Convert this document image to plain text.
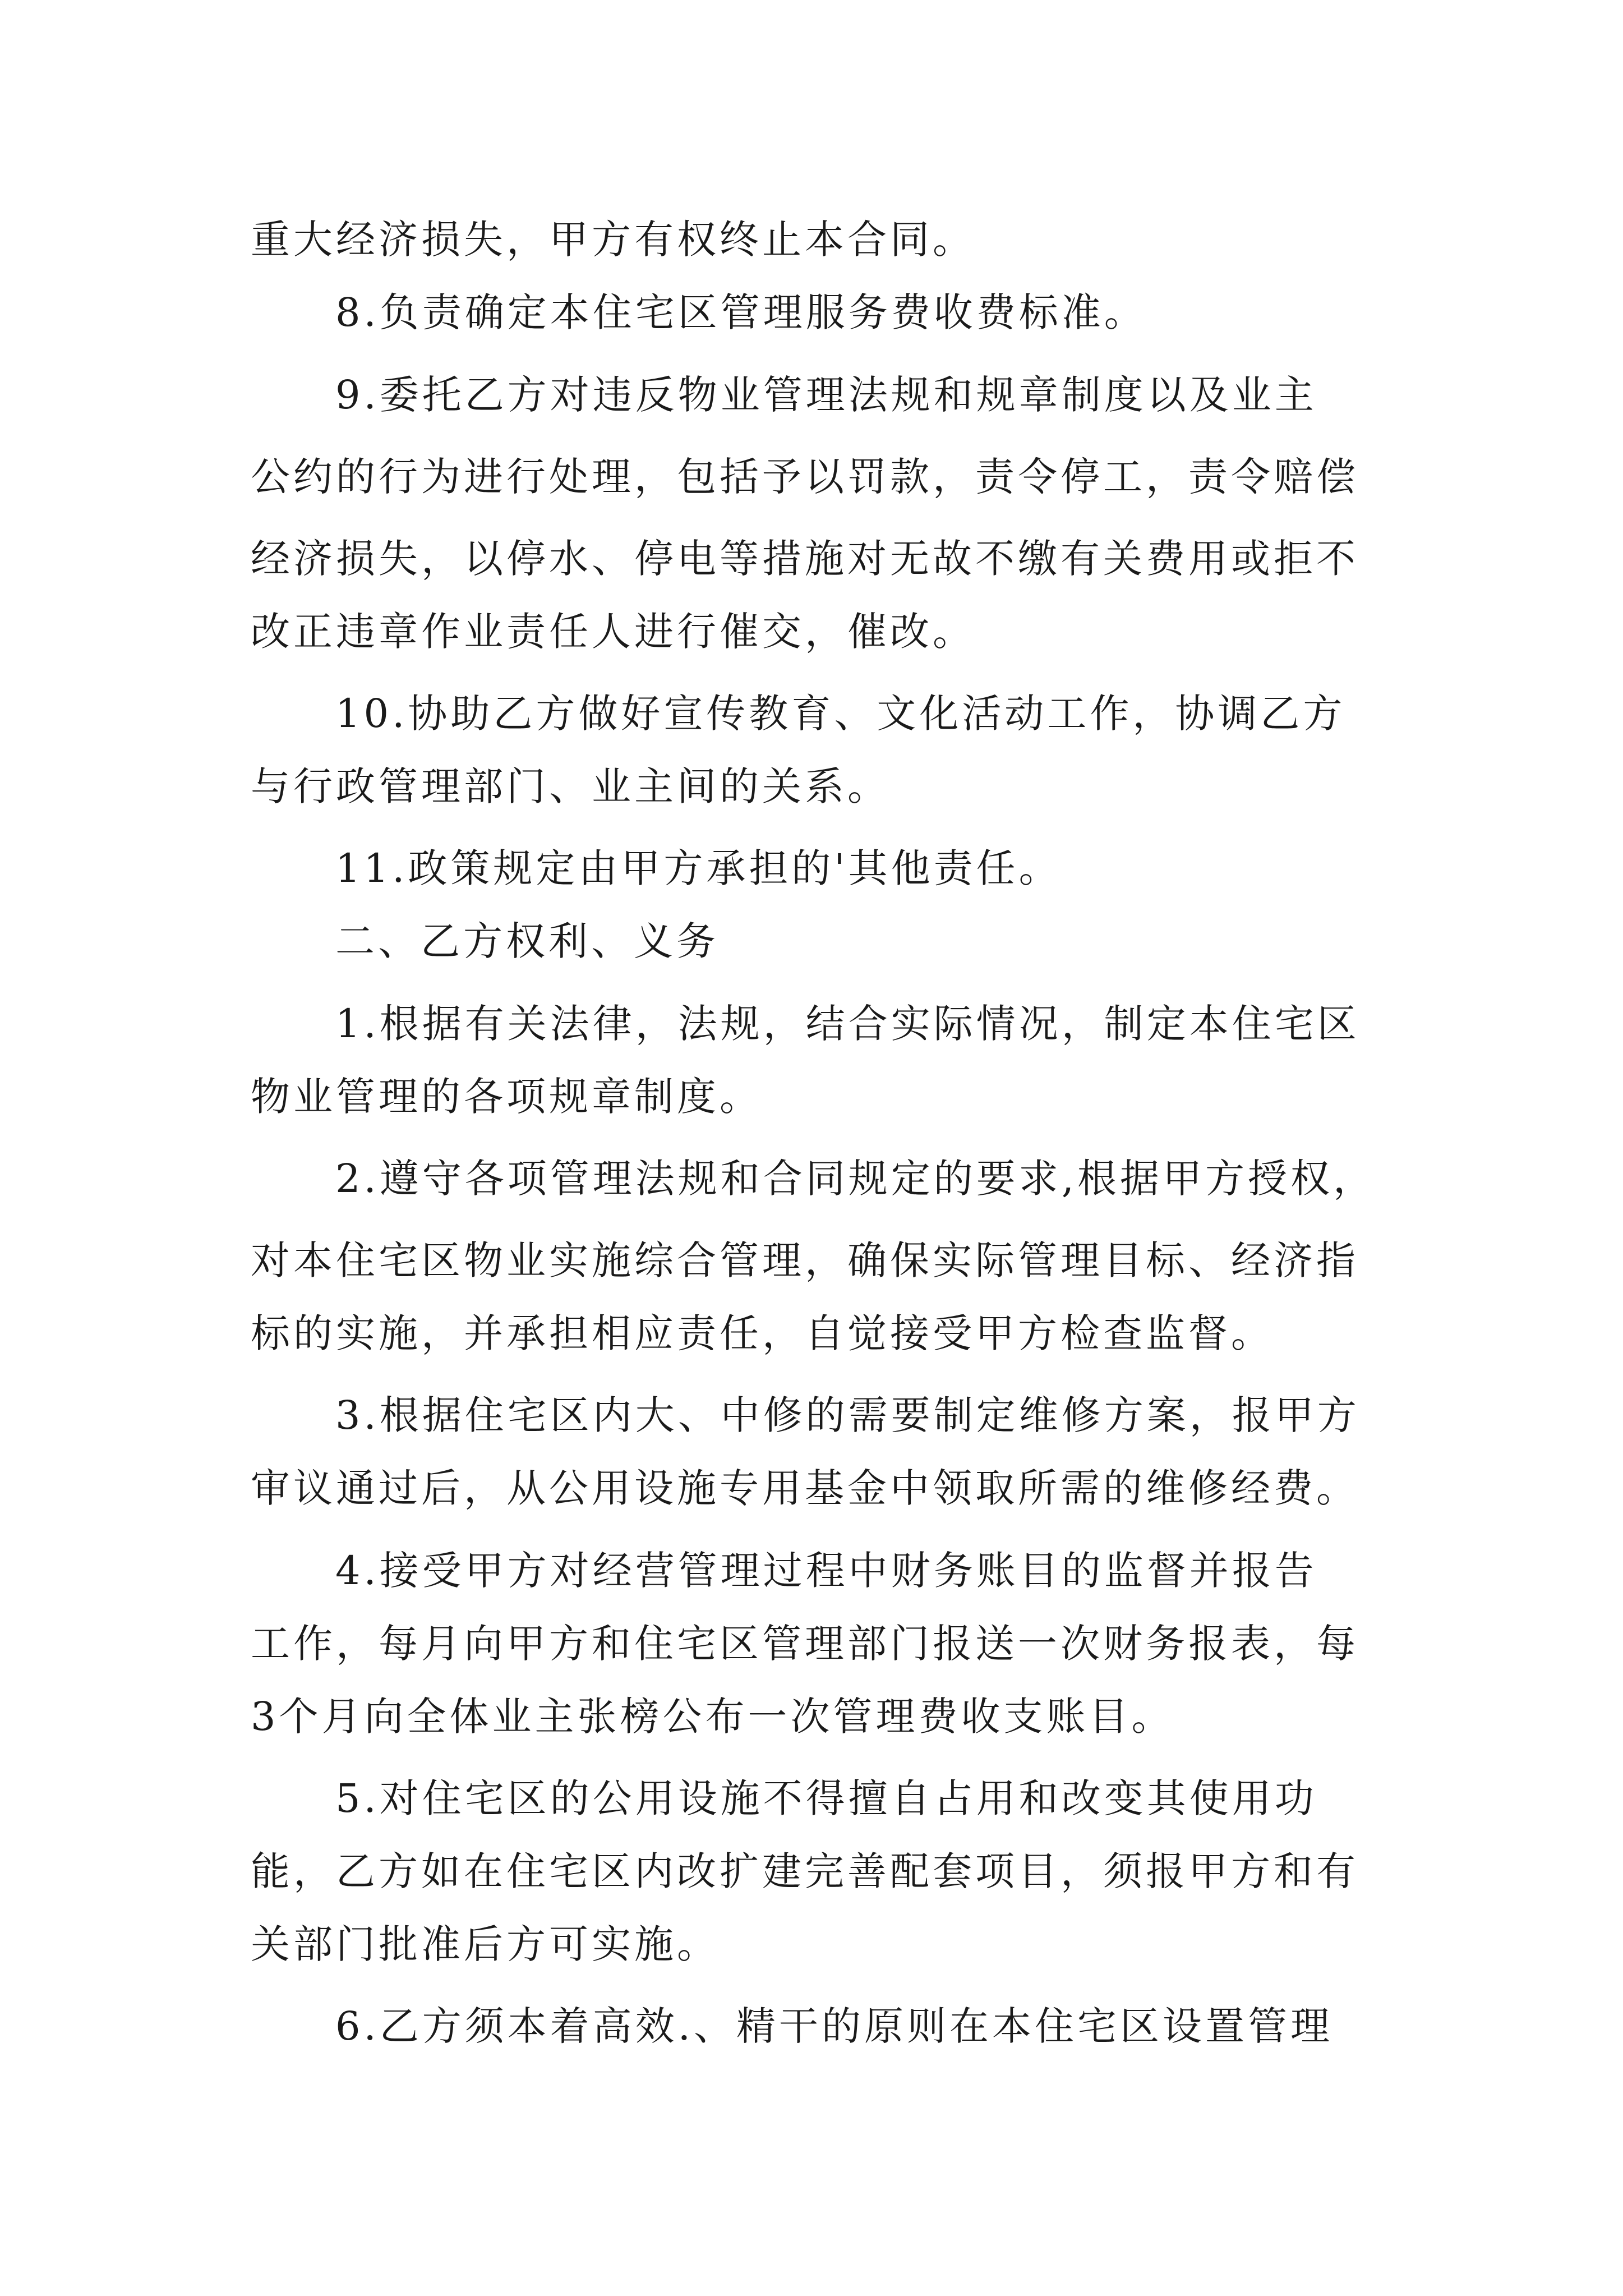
重大经济损失，甲方有权终止本合同。
8.负责确定本住宅区管理服务费收费标准。
9.委托乙方对违反物业管理法规和规章制度以及业主
公约的行为进行处理，包括予以罚款，责令停工，责令赔偿
经济损失，以停水、停电等措施对无故不缴有关费用或拒不
改正违章作业责任人进行催交，催改。
10.协助乙方做好宣传教育、文化活动工作，协调乙方
与行政管理部门、业主间的关系。
11.政策规定由甲方承担的'其他责任。
二、乙方权利、义务
1.根据有关法律，法规，结合实际情况，制定本住宅区
物业管理的各项规章制度。
2.遵守各项管理法规和合同规定的要求,根据甲方授权，
对本住宅区物业实施综合管理，确保实际管理目标、经济指
标的实施，并承担相应责任，自觉接受甲方检查监督。
3.根据住宅区内大、中修的需要制定维修方案，报甲方
审议通过后，从公用设施专用基金中领取所需的维修经费。
4.接受甲方对经营管理过程中财务账目的监督并报告
工作，每月向甲方和住宅区管理部门报送一次财务报表，每
3个月向全体业主张榜公布一次管理费收支账目。
5.对住宅区的公用设施不得擅自占用和改变其使用功
能，乙方如在住宅区内改扩建完善配套项目，须报甲方和有
关部门批准后方可实施。
6.乙方须本着高效.、精干的原则在本住宅区设置管理
